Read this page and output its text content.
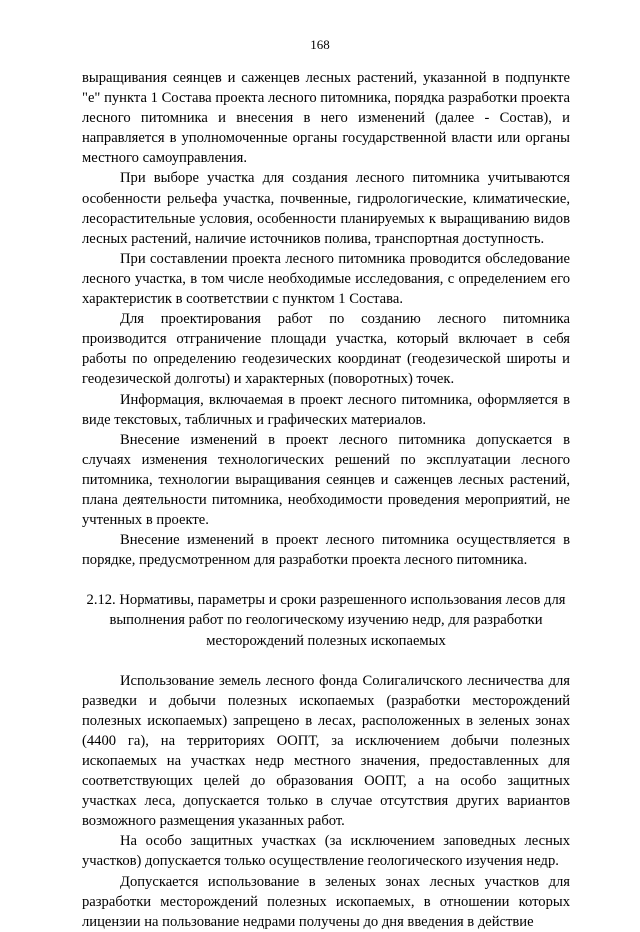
168

выращивания сеянцев и саженцев лесных растений, указанной в подпункте "е" пункта 1 Состава проекта лесного питомника, порядка разработки проекта лесного питомника и внесения в него изменений (далее - Состав), и направляется в уполномоченные органы государственной власти или органы местного самоуправления.

При выборе участка для создания лесного питомника учитываются особенности рельефа участка, почвенные, гидрологические, климатические, лесорастительные условия, особенности планируемых к выращиванию видов лесных растений, наличие источников полива, транспортная доступность.

При составлении проекта лесного питомника проводится обследование лесного участка, в том числе необходимые исследования, с определением его характеристик в соответствии с пунктом 1 Состава.

Для проектирования работ по созданию лесного питомника производится отграничение площади участка, который включает в себя работы по определению геодезических координат (геодезической широты и геодезической долготы) и характерных (поворотных) точек.

Информация, включаемая в проект лесного питомника, оформляется в виде текстовых, табличных и графических материалов.

Внесение изменений в проект лесного питомника допускается в случаях изменения технологических решений по эксплуатации лесного питомника, технологии выращивания сеянцев и саженцев лесных растений, плана деятельности питомника, необходимости проведения мероприятий, не учтенных в проекте.

Внесение изменений в проект лесного питомника осуществляется в порядке, предусмотренном для разработки проекта лесного питомника.

2.12. Нормативы, параметры и сроки разрешенного использования лесов для выполнения работ по геологическому изучению недр, для разработки месторождений полезных ископаемых

Использование земель лесного фонда Солигаличского лесничества для разведки и добычи полезных ископаемых (разработки месторождений полезных ископаемых) запрещено в лесах, расположенных в зеленых зонах (4400 га), на территориях ООПТ, за исключением добычи полезных ископаемых на участках недр местного значения, предоставленных для соответствующих целей до образования ООПТ, а на особо защитных участках леса, допускается только в случае отсутствия других вариантов возможного размещения указанных работ.

На особо защитных участках (за исключением заповедных лесных участков) допускается только осуществление геологического изучения недр.

Допускается использование в зеленых зонах лесных участков для разработки месторождений полезных ископаемых, в отношении которых лицензии на пользование недрами получены до дня введения в действие
